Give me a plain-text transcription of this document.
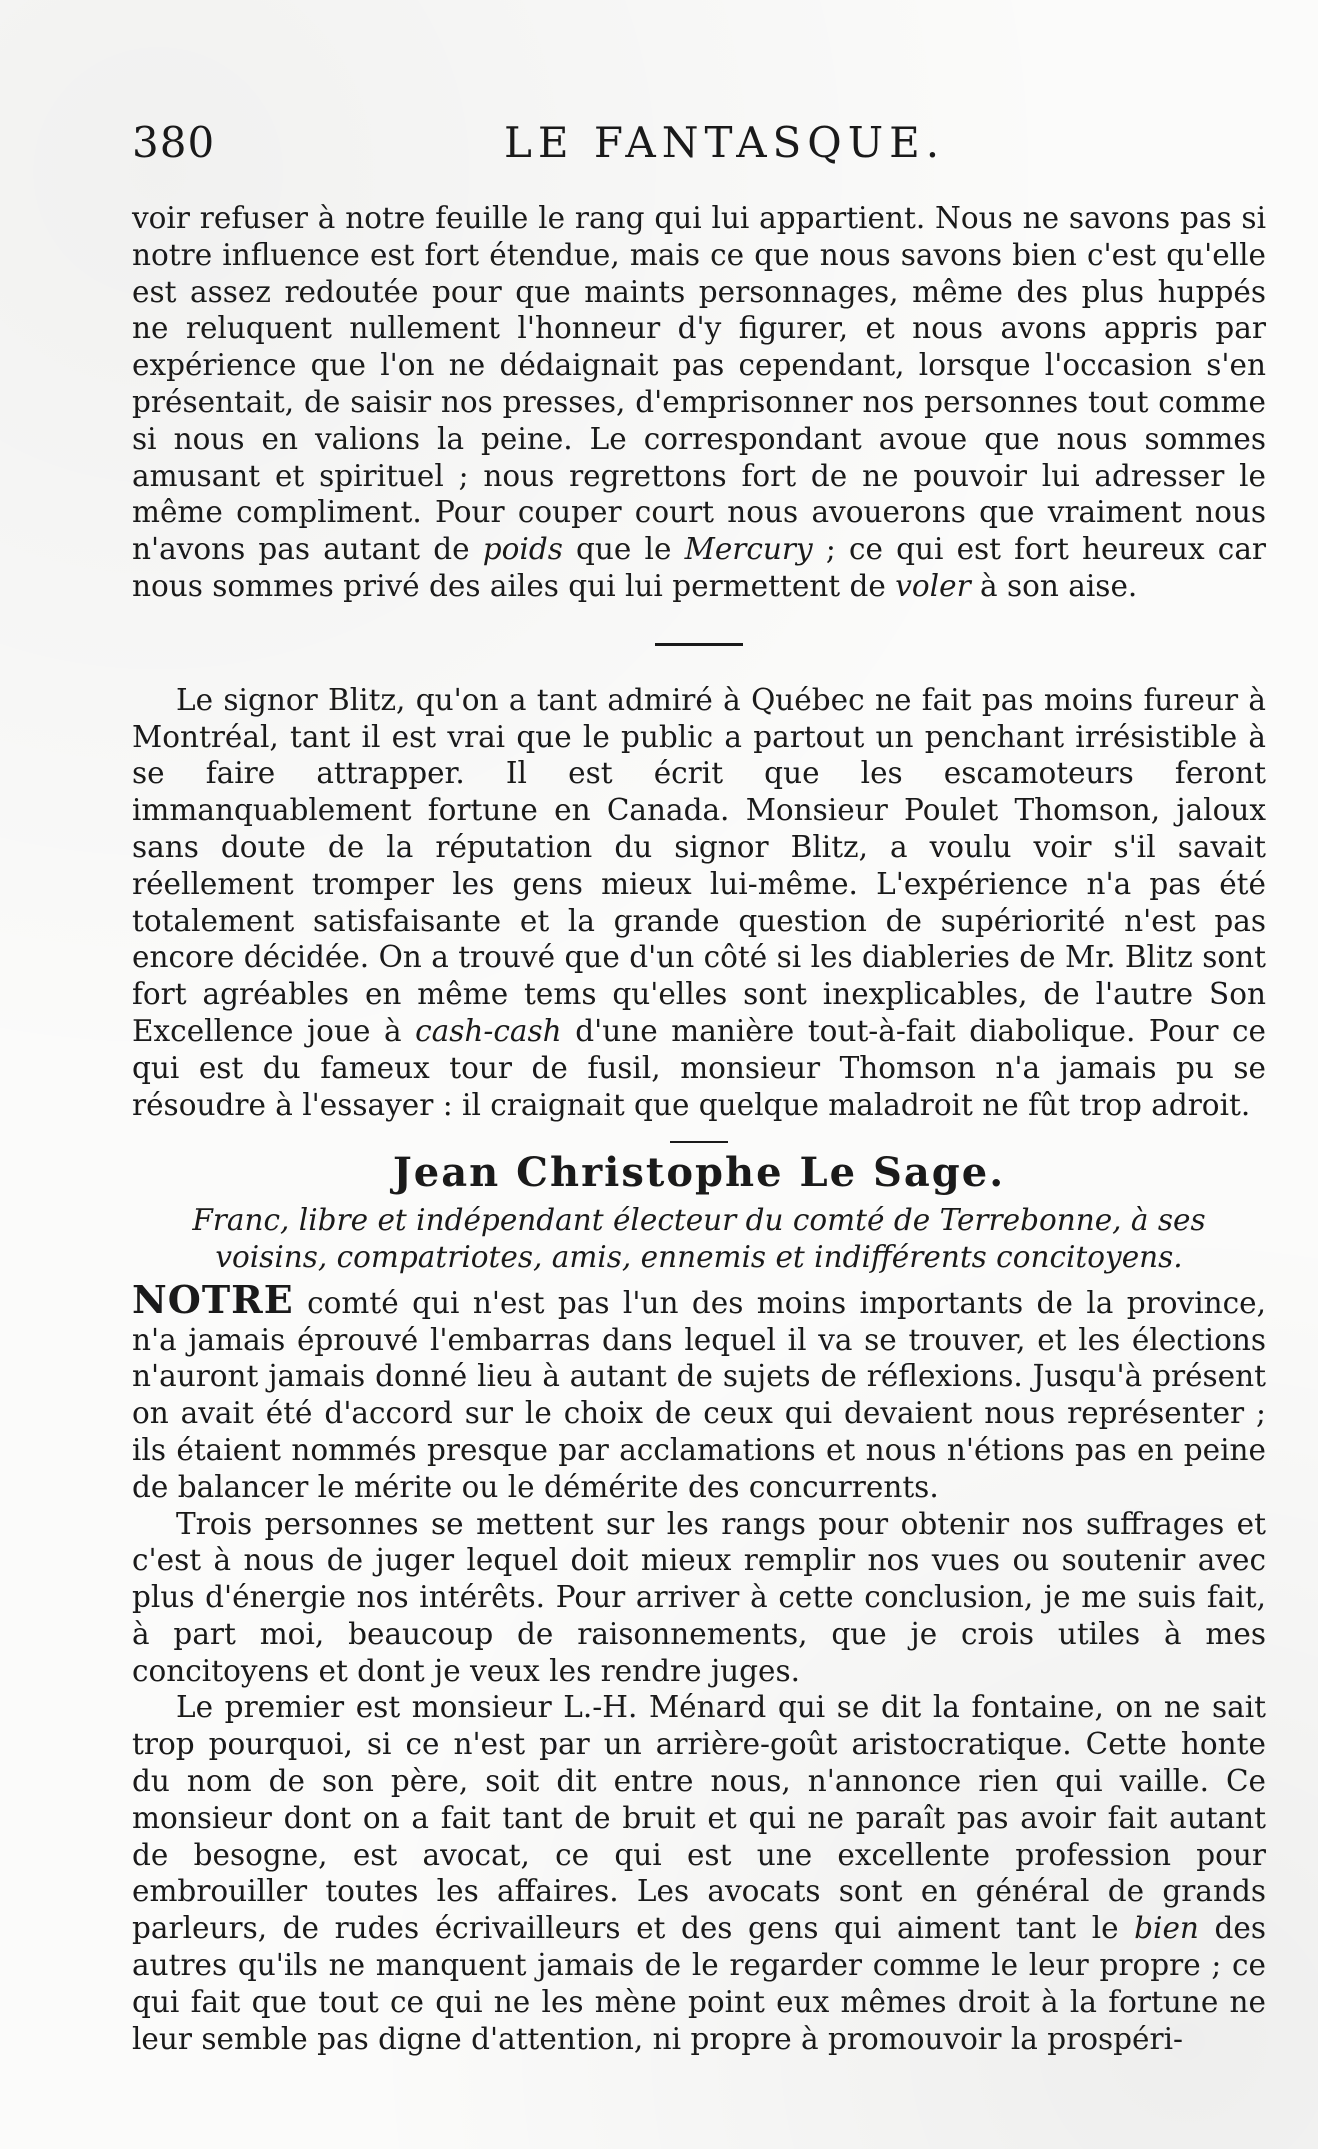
380	LE FANTASQUE.

voir refuser à notre feuille le rang qui lui appartient. Nous ne savons pas si notre influence est fort étendue, mais ce que nous savons bien c'est qu'elle est assez redoutée pour que maints personnages, même des plus huppés ne reluquent nullement l'honneur d'y figurer, et nous avons appris par expérience que l'on ne dédaignait pas cependant, lorsque l'occasion s'en présentait, de saisir nos presses, d'emprisonner nos personnes tout comme si nous en valions la peine. Le correspondant avoue que nous sommes amusant et spirituel ; nous regrettons fort de ne pouvoir lui adresser le même compliment. Pour couper court nous avouerons que vraiment nous n'avons pas autant de poids que le Mercury ; ce qui est fort heureux car nous sommes privé des ailes qui lui permettent de voler à son aise.

Le signor Blitz, qu'on a tant admiré à Québec ne fait pas moins fureur à Montréal, tant il est vrai que le public a partout un penchant irrésistible à se faire attrapper. Il est écrit que les escamoteurs feront immanquablement fortune en Canada. Monsieur Poulet Thomson, jaloux sans doute de la réputation du signor Blitz, a voulu voir s'il savait réellement tromper les gens mieux lui-même. L'expérience n'a pas été totalement satisfaisante et la grande question de supériorité n'est pas encore décidée. On a trouvé que d'un côté si les diableries de Mr. Blitz sont fort agréables en même tems qu'elles sont inexplicables, de l'autre Son Excellence joue à cash-cash d'une manière tout-à-fait diabolique. Pour ce qui est du fameux tour de fusil, monsieur Thomson n'a jamais pu se résoudre à l'essayer : il craignait que quelque maladroit ne fût trop adroit.

Jean Christophe Le Sage.

Franc, libre et indépendant électeur du comté de Terrebonne, à ses voisins, compatriotes, amis, ennemis et indifférents concitoyens.

NOTRE comté qui n'est pas l'un des moins importants de la province, n'a jamais éprouvé l'embarras dans lequel il va se trouver, et les élections n'auront jamais donné lieu à autant de sujets de réflexions. Jusqu'à présent on avait été d'accord sur le choix de ceux qui devaient nous représenter ; ils étaient nommés presque par acclamations et nous n'étions pas en peine de balancer le mérite ou le démérite des concurrents.

Trois personnes se mettent sur les rangs pour obtenir nos suffrages et c'est à nous de juger lequel doit mieux remplir nos vues ou soutenir avec plus d'énergie nos intérêts. Pour arriver à cette conclusion, je me suis fait, à part moi, beaucoup de raisonnements, que je crois utiles à mes concitoyens et dont je veux les rendre juges.

Le premier est monsieur L.-H. Ménard qui se dit la fontaine, on ne sait trop pourquoi, si ce n'est par un arrière-goût aristocratique. Cette honte du nom de son père, soit dit entre nous, n'annonce rien qui vaille. Ce monsieur dont on a fait tant de bruit et qui ne paraît pas avoir fait autant de besogne, est avocat, ce qui est une excellente profession pour embrouiller toutes les affaires. Les avocats sont en général de grands parleurs, de rudes écrivailleurs et des gens qui aiment tant le bien des autres qu'ils ne manquent jamais de le regarder comme le leur propre ; ce qui fait que tout ce qui ne les mène point eux mêmes droit à la fortune ne leur semble pas digne d'attention, ni propre à promouvoir la prospéri-
